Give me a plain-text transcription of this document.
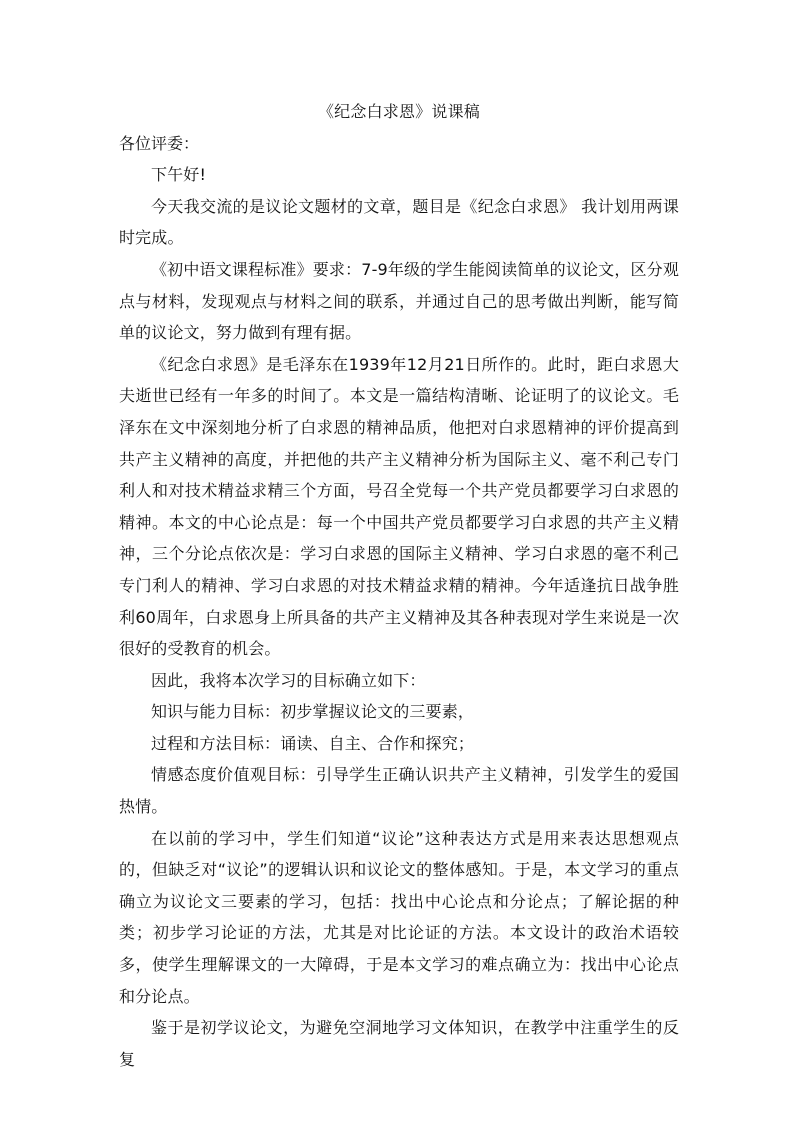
《纪念白求恩》说课稿

各位评委：

下午好!

今天我交流的是议论文题材的文章，题目是《纪念白求恩》 我计划用两课时完成。

《初中语文课程标准》要求：7-9年级的学生能阅读简单的议论文，区分观点与材料，发现观点与材料之间的联系，并通过自己的思考做出判断，能写简单的议论文，努力做到有理有据。

《纪念白求恩》是毛泽东在1939年12月21日所作的。此时，距白求恩大夫逝世已经有一年多的时间了。本文是一篇结构清晰、论证明了的议论文。毛泽东在文中深刻地分析了白求恩的精神品质，他把对白求恩精神的评价提高到共产主义精神的高度，并把他的共产主义精神分析为国际主义、毫不利己专门利人和对技术精益求精三个方面，号召全党每一个共产党员都要学习白求恩的精神。本文的中心论点是：每一个中国共产党员都要学习白求恩的共产主义精神，三个分论点依次是：学习白求恩的国际主义精神、学习白求恩的毫不利己专门利人的精神、学习白求恩的对技术精益求精的精神。今年适逢抗日战争胜利60周年，白求恩身上所具备的共产主义精神及其各种表现对学生来说是一次很好的受教育的机会。

因此，我将本次学习的目标确立如下：

知识与能力目标：初步掌握议论文的三要素，

过程和方法目标：诵读、自主、合作和探究；

情感态度价值观目标：引导学生正确认识共产主义精神，引发学生的爱国热情。

在以前的学习中，学生们知道“议论”这种表达方式是用来表达思想观点的，但缺乏对“议论”的逻辑认识和议论文的整体感知。于是，本文学习的重点确立为议论文三要素的学习，包括：找出中心论点和分论点；了解论据的种类；初步学习论证的方法，尤其是对比论证的方法。本文设计的政治术语较多，使学生理解课文的一大障碍，于是本文学习的难点确立为：找出中心论点和分论点。

鉴于是初学议论文，为避免空洞地学习文体知识，在教学中注重学生的反复
